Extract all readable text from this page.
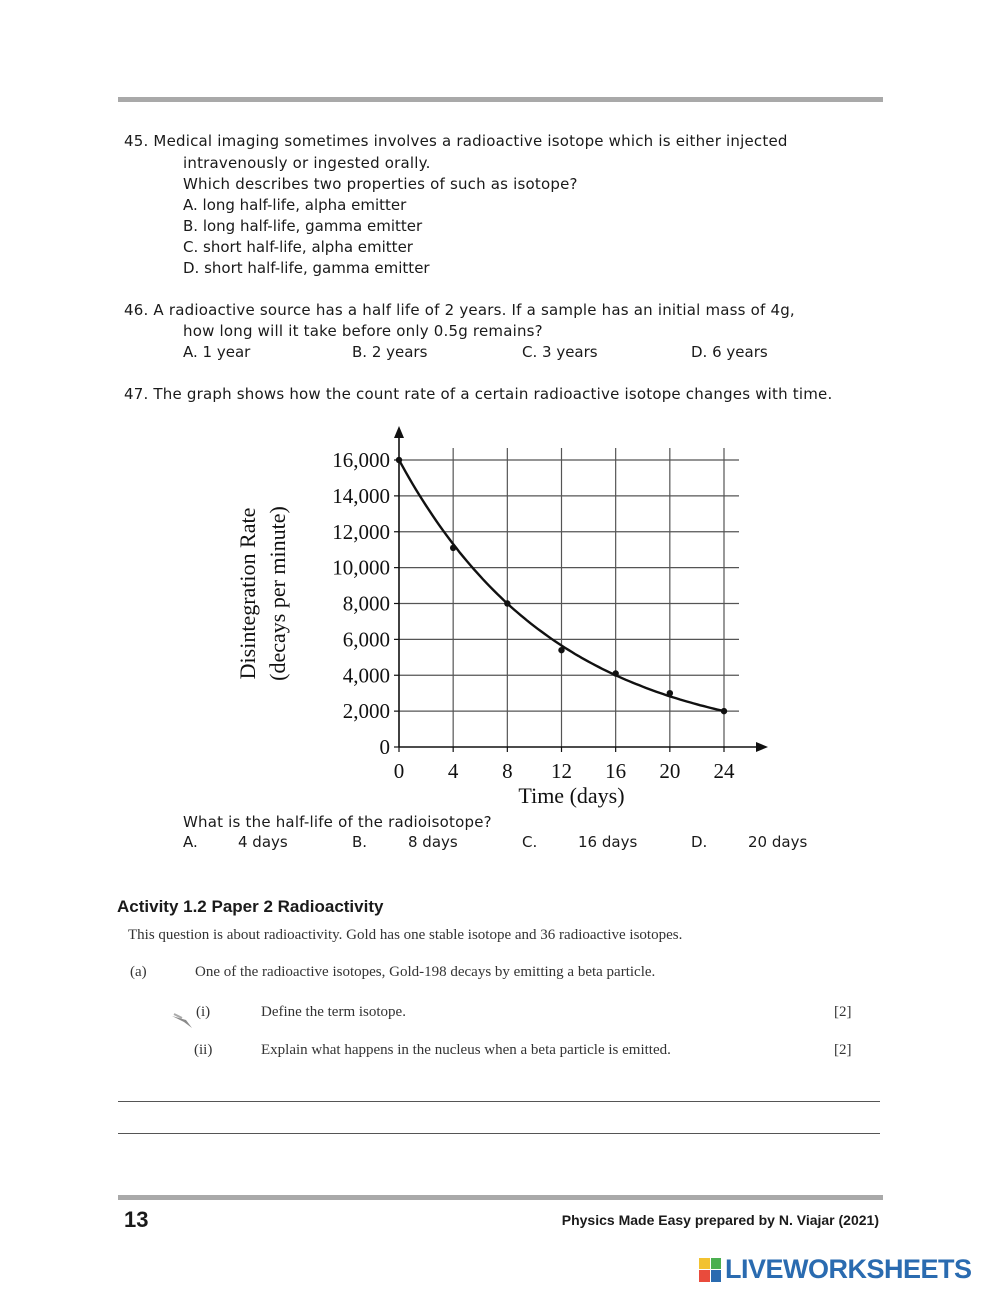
45. Medical imaging sometimes involves a radioactive isotope which is either injected
intravenously or ingested orally.
Which describes two properties of such as isotope?
A. long half-life, alpha emitter
B. long half-life, gamma emitter
C. short half-life, alpha emitter
D. short half-life, gamma emitter
46. A radioactive source has a half life of 2 years. If a sample has an initial mass of 4g,
how long will it take before only 0.5g remains?
A. 1 year	B. 2 years	C. 3 years	D. 6 years
47. The graph shows how the count rate of a certain radioactive isotope changes with time.
0
2,000
4,000
6,000
8,000
10,000
12,000
14,000
16,000
0 4 8 12 16 20 24
Time (days)
Disintegration Rate (decays per minute)
What is the half-life of the radioisotope?
A.	4 days	B.	8 days	C.	16 days	D.	20 days
Activity 1.2 Paper 2 Radioactivity
This question is about radioactivity. Gold has one stable isotope and 36 radioactive isotopes.
(a)	One of the radioactive isotopes, Gold-198 decays by emitting a beta particle.
(i)	Define the term isotope.	[2]
(ii)	Explain what happens in the nucleus when a beta particle is emitted.	[2]
13	Physics Made Easy prepared by N. Viajar (2021)
LIVEWORKSHEETS
